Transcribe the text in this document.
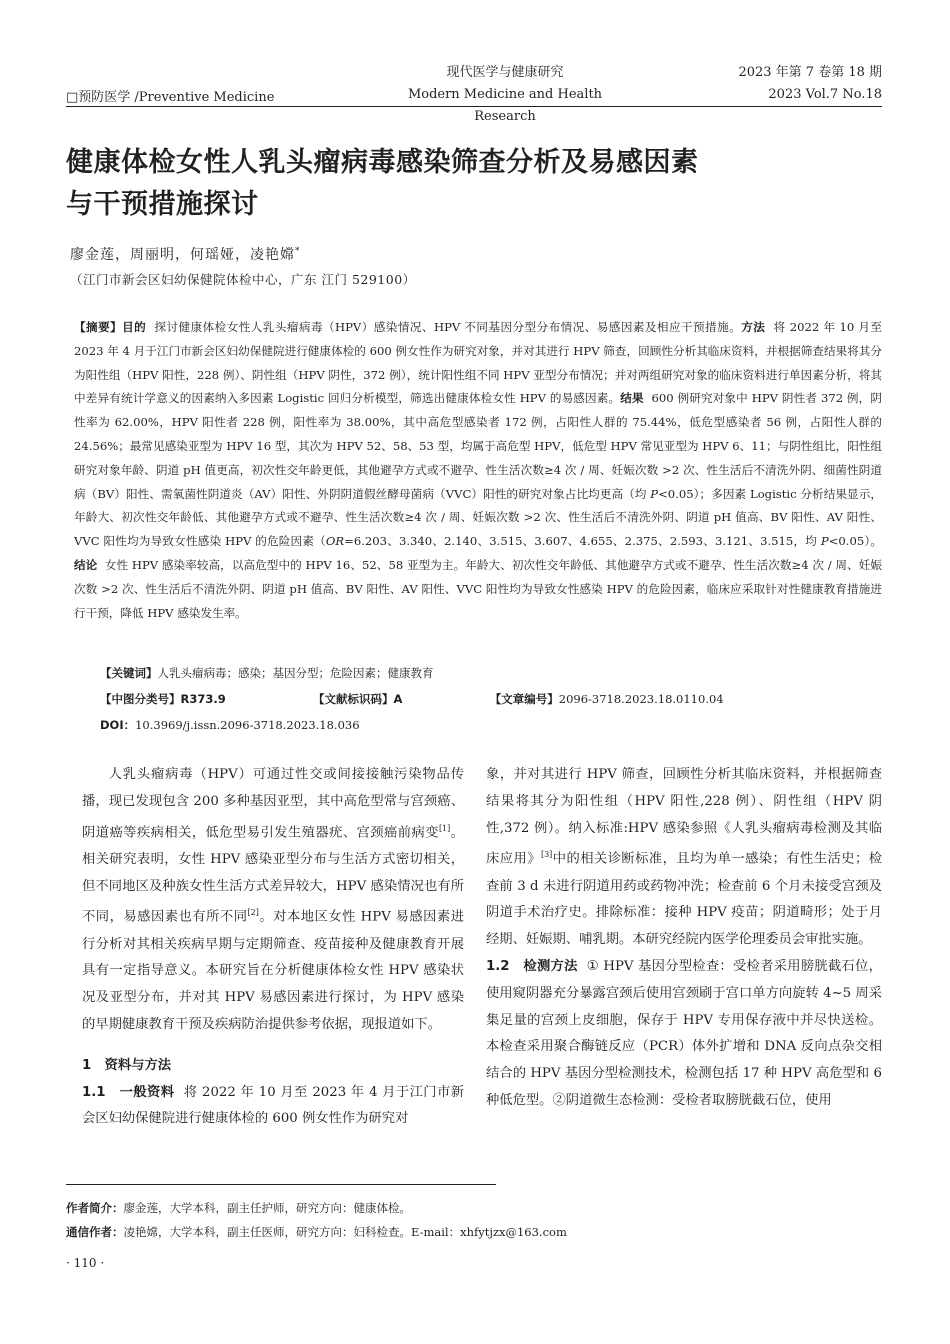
□预防医学 /Preventive Medicine
现代医学与健康研究
Modern Medicine and Health Research
2023 年第 7 卷第 18 期
2023 Vol.7 No.18
健康体检女性人乳头瘤病毒感染筛查分析及易感因素
与干预措施探讨
廖金莲，周丽明，何瑶娅，凌艳嫦*
（江门市新会区妇幼保健院体检中心，广东 江门 529100）
【摘要】目的 探讨健康体检女性人乳头瘤病毒（HPV）感染情况、HPV 不同基因分型分布情况、易感因素及相应干预措施。方法 将 2022 年 10 月至 2023 年 4 月于江门市新会区妇幼保健院进行健康体检的 600 例女性作为研究对象，并对其进行 HPV 筛查，回顾性分析其临床资料，并根据筛查结果将其分为阳性组（HPV 阳性，228 例）、阴性组（HPV 阴性，372 例），统计阳性组不同 HPV 亚型分布情况；并对两组研究对象的临床资料进行单因素分析，将其中差异有统计学意义的因素纳入多因素 Logistic 回归分析模型，筛选出健康体检女性 HPV 的易感因素。结果 600 例研究对象中 HPV 阴性者 372 例，阴性率为 62.00%，HPV 阳性者 228 例，阳性率为 38.00%，其中高危型感染者 172 例，占阳性人群的 75.44%，低危型感染者 56 例，占阳性人群的 24.56%；最常见感染亚型为 HPV 16 型，其次为 HPV 52、58、53 型，均属于高危型 HPV，低危型 HPV 常见亚型为 HPV 6、11；与阴性组比，阳性组研究对象年龄、阴道 pH 值更高，初次性交年龄更低，其他避孕方式或不避孕、性生活次数≥4 次 / 周、妊娠次数 >2 次、性生活后不清洗外阴、细菌性阴道病（BV）阳性、需氧菌性阴道炎（AV）阳性、外阴阴道假丝酵母菌病（VVC）阳性的研究对象占比均更高（均 P<0.05）；多因素 Logistic 分析结果显示，年龄大、初次性交年龄低、其他避孕方式或不避孕、性生活次数≥4 次 / 周、妊娠次数 >2 次、性生活后不清洗外阴、阴道 pH 值高、BV 阳性、AV 阳性、VVC 阳性均为导致女性感染 HPV 的危险因素（OR=6.203、3.340、2.140、3.515、3.607、4.655、2.375、2.593、3.121、3.515，均 P<0.05）。结论 女性 HPV 感染率较高，以高危型中的 HPV 16、52、58 亚型为主。年龄大、初次性交年龄低、其他避孕方式或不避孕、性生活次数≥4 次 / 周、妊娠次数 >2 次、性生活后不清洗外阴、阴道 pH 值高、BV 阳性、AV 阳性、VVC 阳性均为导致女性感染 HPV 的危险因素，临床应采取针对性健康教育措施进行干预，降低 HPV 感染发生率。
【关键词】人乳头瘤病毒；感染；基因分型；危险因素；健康教育
【中图分类号】R373.9	【文献标识码】A	【文章编号】2096-3718.2023.18.0110.04
DOI：10.3969/j.issn.2096-3718.2023.18.036

人乳头瘤病毒（HPV）可通过性交或间接接触污染物品传播，现已发现包含 200 多种基因亚型，其中高危型常与宫颈癌、阴道癌等疾病相关，低危型易引发生殖器疣、宫颈癌前病变[1]。相关研究表明，女性 HPV 感染亚型分布与生活方式密切相关，但不同地区及种族女性生活方式差异较大，HPV 感染情况也有所不同，易感因素也有所不同[2]。对本地区女性 HPV 易感因素进行分析对其相关疾病早期与定期筛查、疫苗接种及健康教育开展具有一定指导意义。本研究旨在分析健康体检女性 HPV 感染状况及亚型分布，并对其 HPV 易感因素进行探讨，为 HPV 感染的早期健康教育干预及疾病防治提供参考依据，现报道如下。

1　资料与方法

1.1　一般资料 将 2022 年 10 月至 2023 年 4 月于江门市新会区妇幼保健院进行健康体检的 600 例女性作为研究对

象，并对其进行 HPV 筛查，回顾性分析其临床资料，并根据筛查结果将其分为阳性组（HPV 阳性,228 例）、阴性组（HPV 阴性,372 例）。纳入标准:HPV 感染参照《人乳头瘤病毒检测及其临床应用》[3]中的相关诊断标准，且均为单一感染；有性生活史；检查前 3 d 未进行阴道用药或药物冲洗；检查前 6 个月未接受宫颈及阴道手术治疗史。排除标准：接种 HPV 疫苗；阴道畸形；处于月经期、妊娠期、哺乳期。本研究经院内医学伦理委员会审批实施。

1.2　检测方法 ① HPV 基因分型检查：受检者采用膀胱截石位，使用窥阴器充分暴露宫颈后使用宫颈刷于宫口单方向旋转 4~5 周采集足量的宫颈上皮细胞，保存于 HPV 专用保存液中并尽快送检。本检查采用聚合酶链反应（PCR）体外扩增和 DNA 反向点杂交相结合的 HPV 基因分型检测技术，检测包括 17 种 HPV 高危型和 6 种低危型。②阴道微生态检测：受检者取膀胱截石位，使用

作者简介：廖金莲，大学本科，副主任护师，研究方向：健康体检。
通信作者：凌艳嫦，大学本科，副主任医师，研究方向：妇科检查。E-mail：xhfytjzx@163.com
· 110 ·
